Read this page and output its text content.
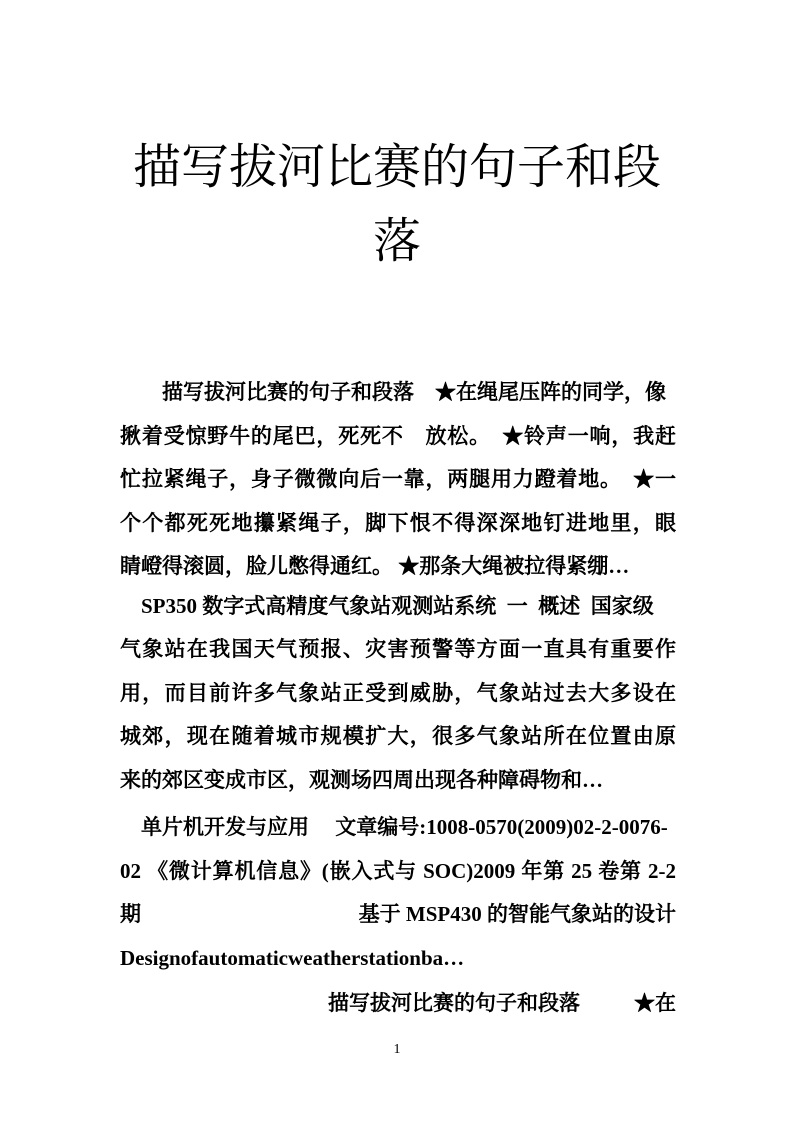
描写拔河比赛的句子和段
落
描写拔河比赛的句子和段落　★在绳尾压阵的同学，像
揪着受惊野牛的尾巴，死死不　放松。　★铃声一响，我赶
忙拉紧绳子，身子微微向后一靠，两腿用力蹬着地。　★一
个个都死死地攥紧绳子，脚下恨不得深深地钉进地里，眼
睛嶝得滚圆，脸儿憋得通红。 ★那条大绳被拉得紧绷…
SP350 数字式高精度气象站观测站系统  一  概述  国家级
气象站在我国天气预报、灾害预警等方面一直具有重要作
用，而目前许多气象站正受到威胁，气象站过去大多设在
城郊，现在随着城市规模扩大，很多气象站所在位置由原
来的郊区变成市区，观测场四周出现各种障碍物和…
单片机开发与应用　 文章编号:1008-0570(2009)02-2-0076-
02 《微计算机信息》(嵌入式与 SOC)2009 年第 25 卷第 2-2
期	基于 MSP430 的智能气象站的设计
Designofautomaticweatherstationba…
描写拔河比赛的句子和段落	★在
1
